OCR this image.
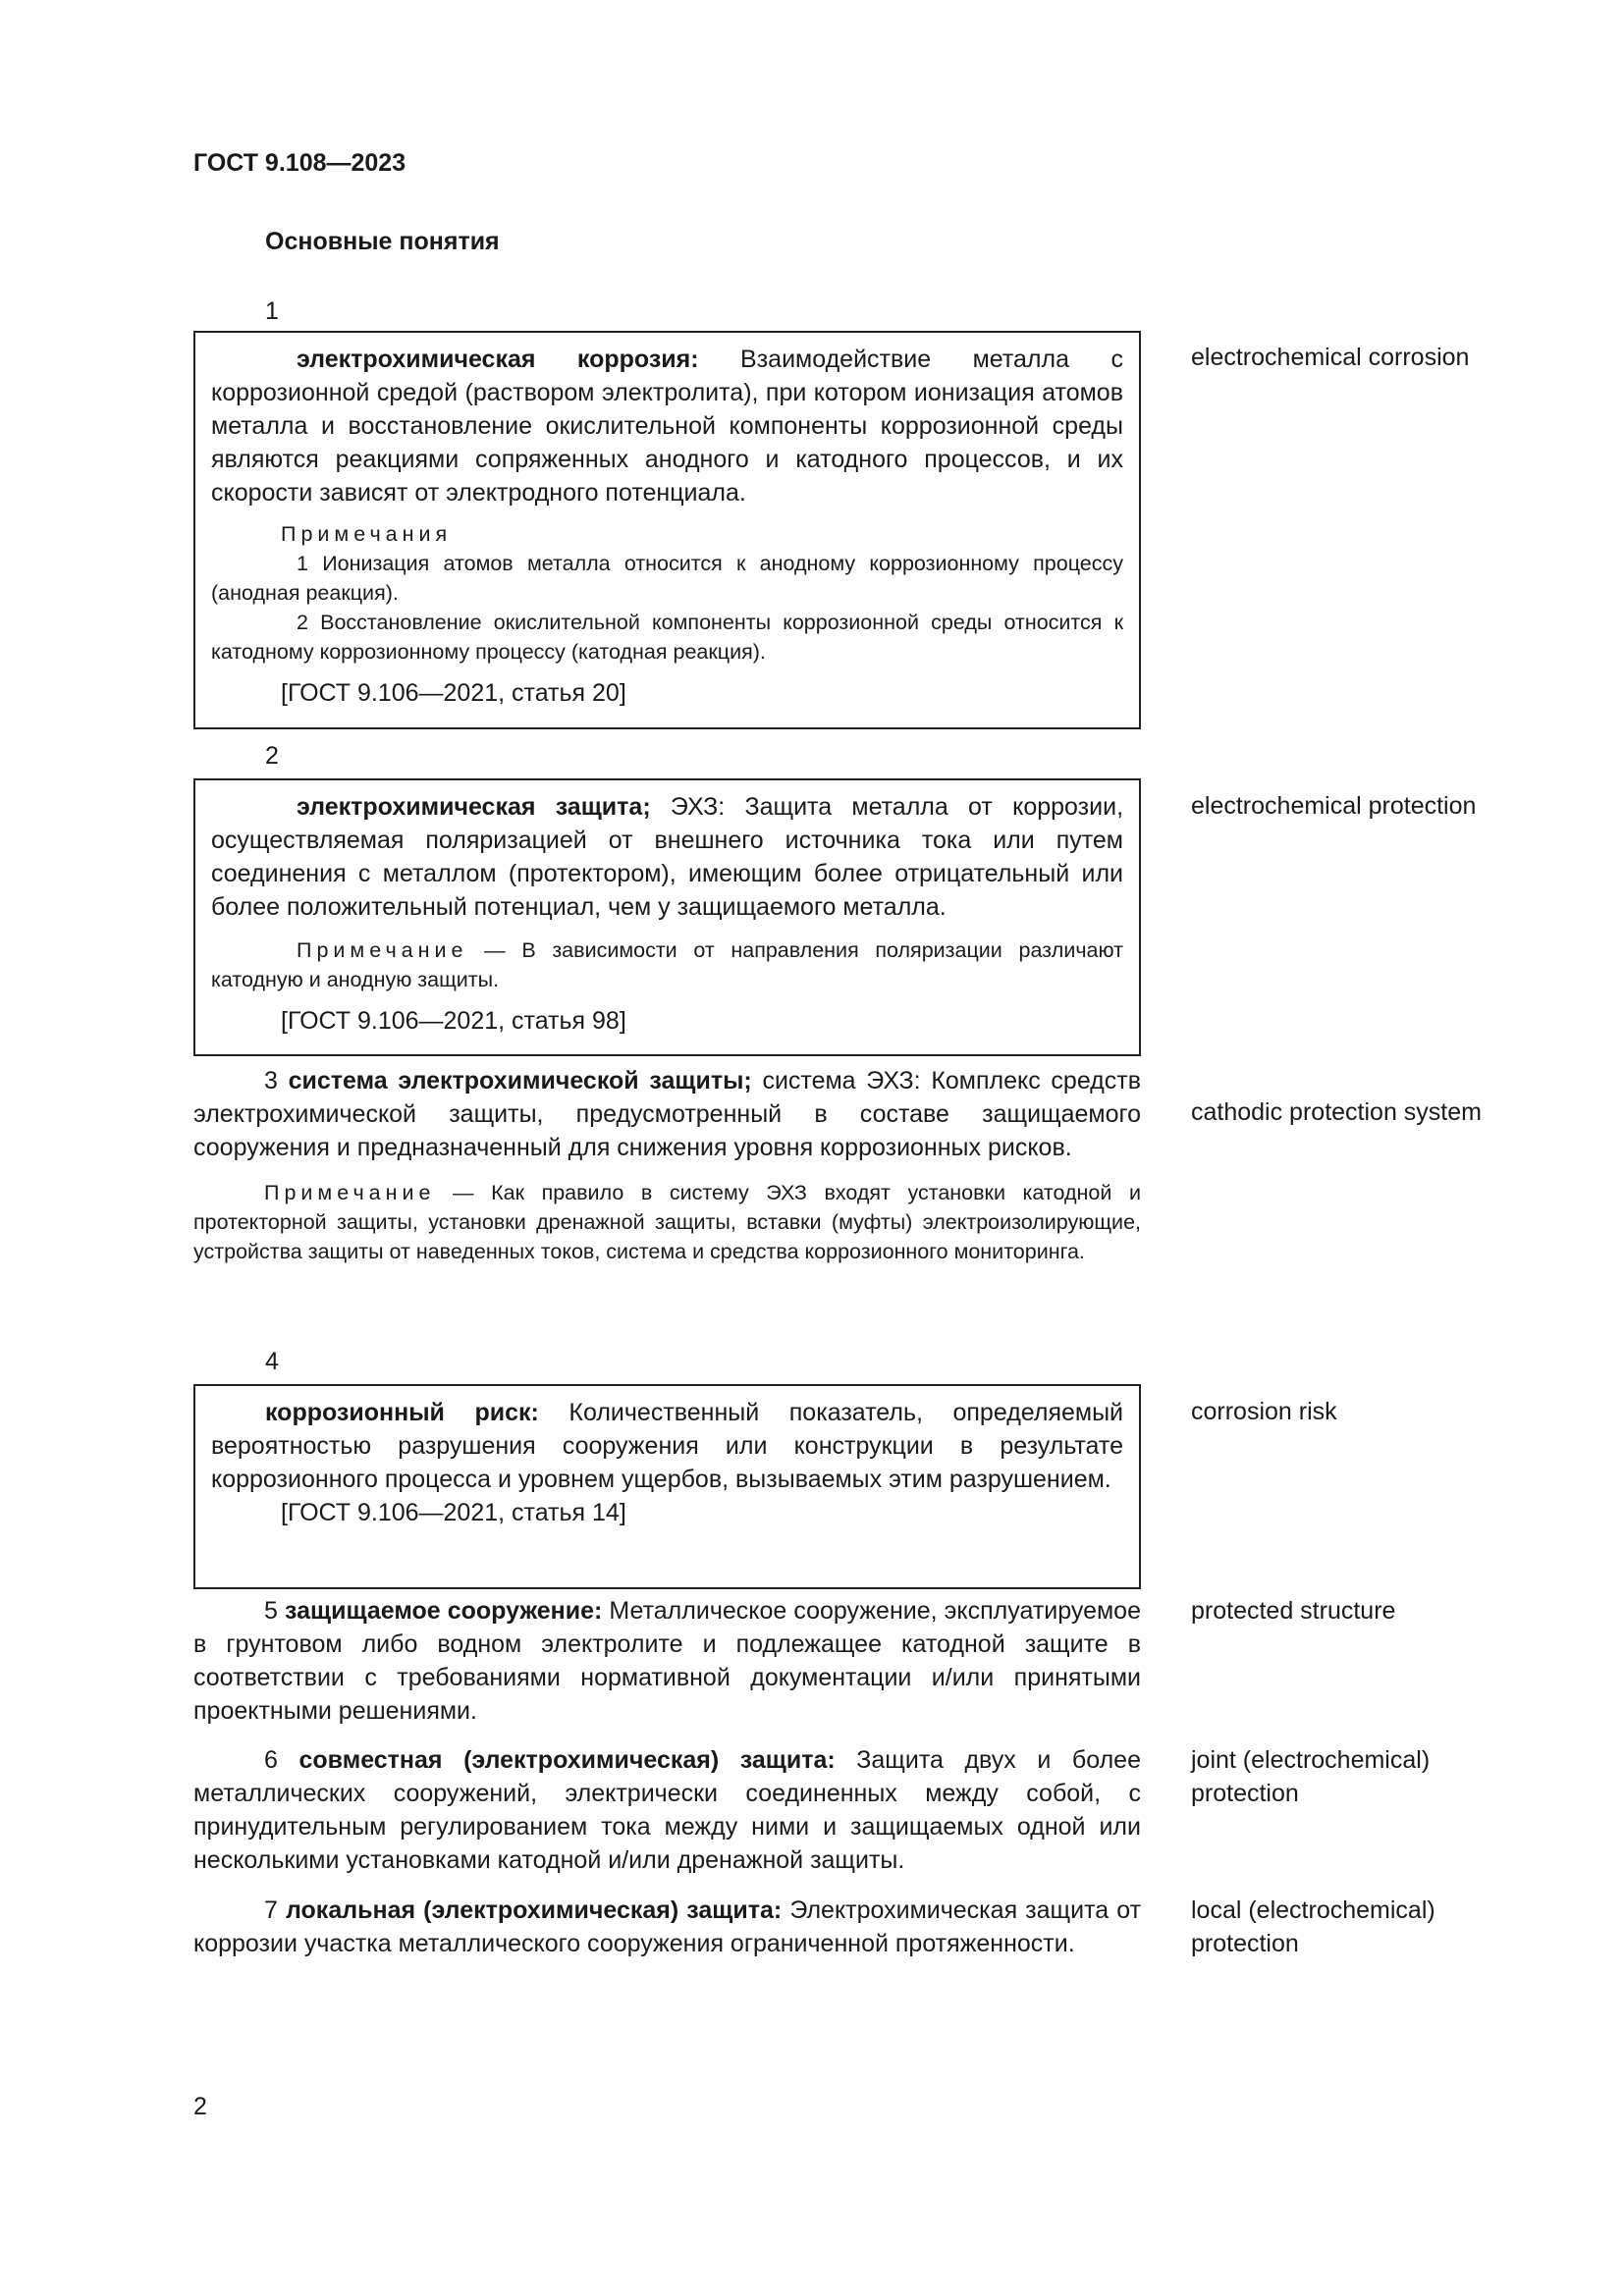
ГОСТ 9.108—2023
Основные понятия
1

электрохимическая коррозия: Взаимодействие металла с коррозионной средой (раствором электролита), при котором ионизация атомов металла и восстановление окислительной компоненты коррозионной среды являются реакциями сопряженных анодного и катодного процессов, и их скорости зависят от электродного потенциала.

Примечания

1 Ионизация атомов металла относится к анодному коррозионному процессу (анодная реакция).

2 Восстановление окислительной компоненты коррозионной среды относится к катодному коррозионному процессу (катодная реакция).

[ГОСТ 9.106—2021, статья 20]

electrochemical corrosion
2

электрохимическая защита; ЭХЗ: Защита металла от коррозии, осуществляемая поляризацией от внешнего источника тока или путем соединения с металлом (протектором), имеющим более отрицательный или более положительный потенциал, чем у защищаемого металла.

Примечание — В зависимости от направления поляризации различают катодную и анодную защиты.

[ГОСТ 9.106—2021, статья 98]

electrochemical protection

3 система электрохимической защиты; система ЭХЗ: Комплекс средств электрохимической защиты, предусмотренный в составе защищаемого сооружения и предназначенный для снижения уровня коррозионных рисков.

Примечание — Как правило в систему ЭХЗ входят установки катодной и протекторной защиты, установки дренажной защиты, вставки (муфты) электроизолирующие, устройства защиты от наведенных токов, система и средства коррозионного мониторинга.

cathodic protection system
4

коррозионный риск: Количественный показатель, определяемый вероятностью разрушения сооружения или конструкции в результате коррозионного процесса и уровнем ущербов, вызываемых этим разрушением.

[ГОСТ 9.106—2021, статья 14]

corrosion risk

5 защищаемое сооружение: Металлическое сооружение, эксплуатируемое в грунтовом либо водном электролите и подлежащее катодной защите в соответствии с требованиями нормативной документации и/или принятыми проектными решениями.

protected structure

6 совместная (электрохимическая) защита: Защита двух и более металлических сооружений, электрически соединенных между собой, с принудительным регулированием тока между ними и защищаемых одной или несколькими установками катодной и/или дренажной защиты.

joint (electrochemical) protection

7 локальная (электрохимическая) защита: Электрохимическая защита от коррозии участка металлического сооружения ограниченной протяженности.

local (electrochemical) protection
2
